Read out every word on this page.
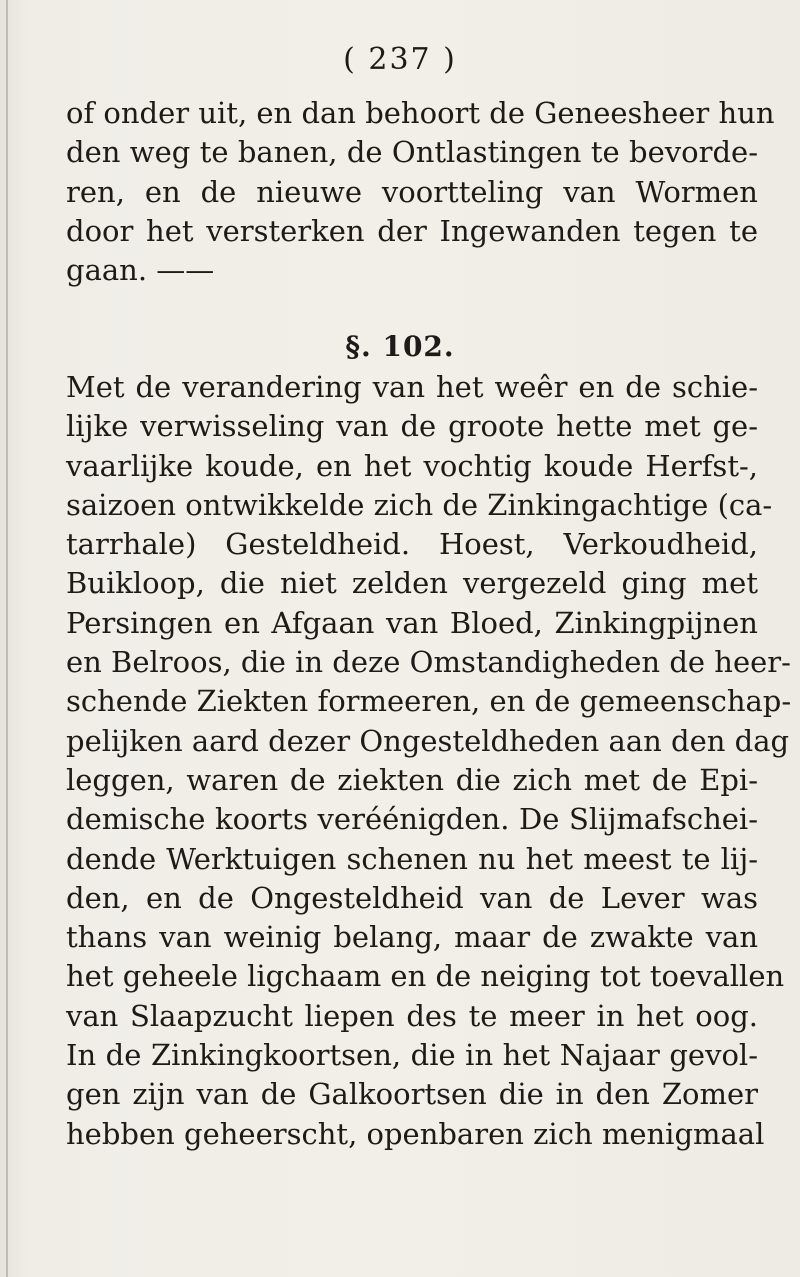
( 237 )
of onder uit, en dan behoort de Geneesheer hun
den weg te banen, de Ontlastingen te bevorde-
ren, en de nieuwe voortteling van Wormen
door het versterken der Ingewanden tegen te
gaan. ——
§. 102.
Met de verandering van het weêr en de schie-
lijke verwisseling van de groote hette met ge-
vaarlijke koude, en het vochtig koude Herfst-,
saizoen ontwikkelde zich de Zinkingachtige (ca-
tarrhale) Gesteldheid. Hoest, Verkoudheid,
Buikloop, die niet zelden vergezeld ging met
Persingen en Afgaan van Bloed, Zinkingpijnen
en Belroos, die in deze Omstandigheden de heer-
schende Ziekten formeeren, en de gemeenschap-
pelijken aard dezer Ongesteldheden aan den dag
leggen, waren de ziekten die zich met de Epi-
demische koorts veréénigden. De Slijmafschei-
dende Werktuigen schenen nu het meest te lij-
den, en de Ongesteldheid van de Lever was
thans van weinig belang, maar de zwakte van
het geheele ligchaam en de neiging tot toevallen
van Slaapzucht liepen des te meer in het oog.
In de Zinkingkoortsen, die in het Najaar gevol-
gen zijn van de Galkoortsen die in den Zomer
hebben geheerscht, openbaren zich menigmaal
